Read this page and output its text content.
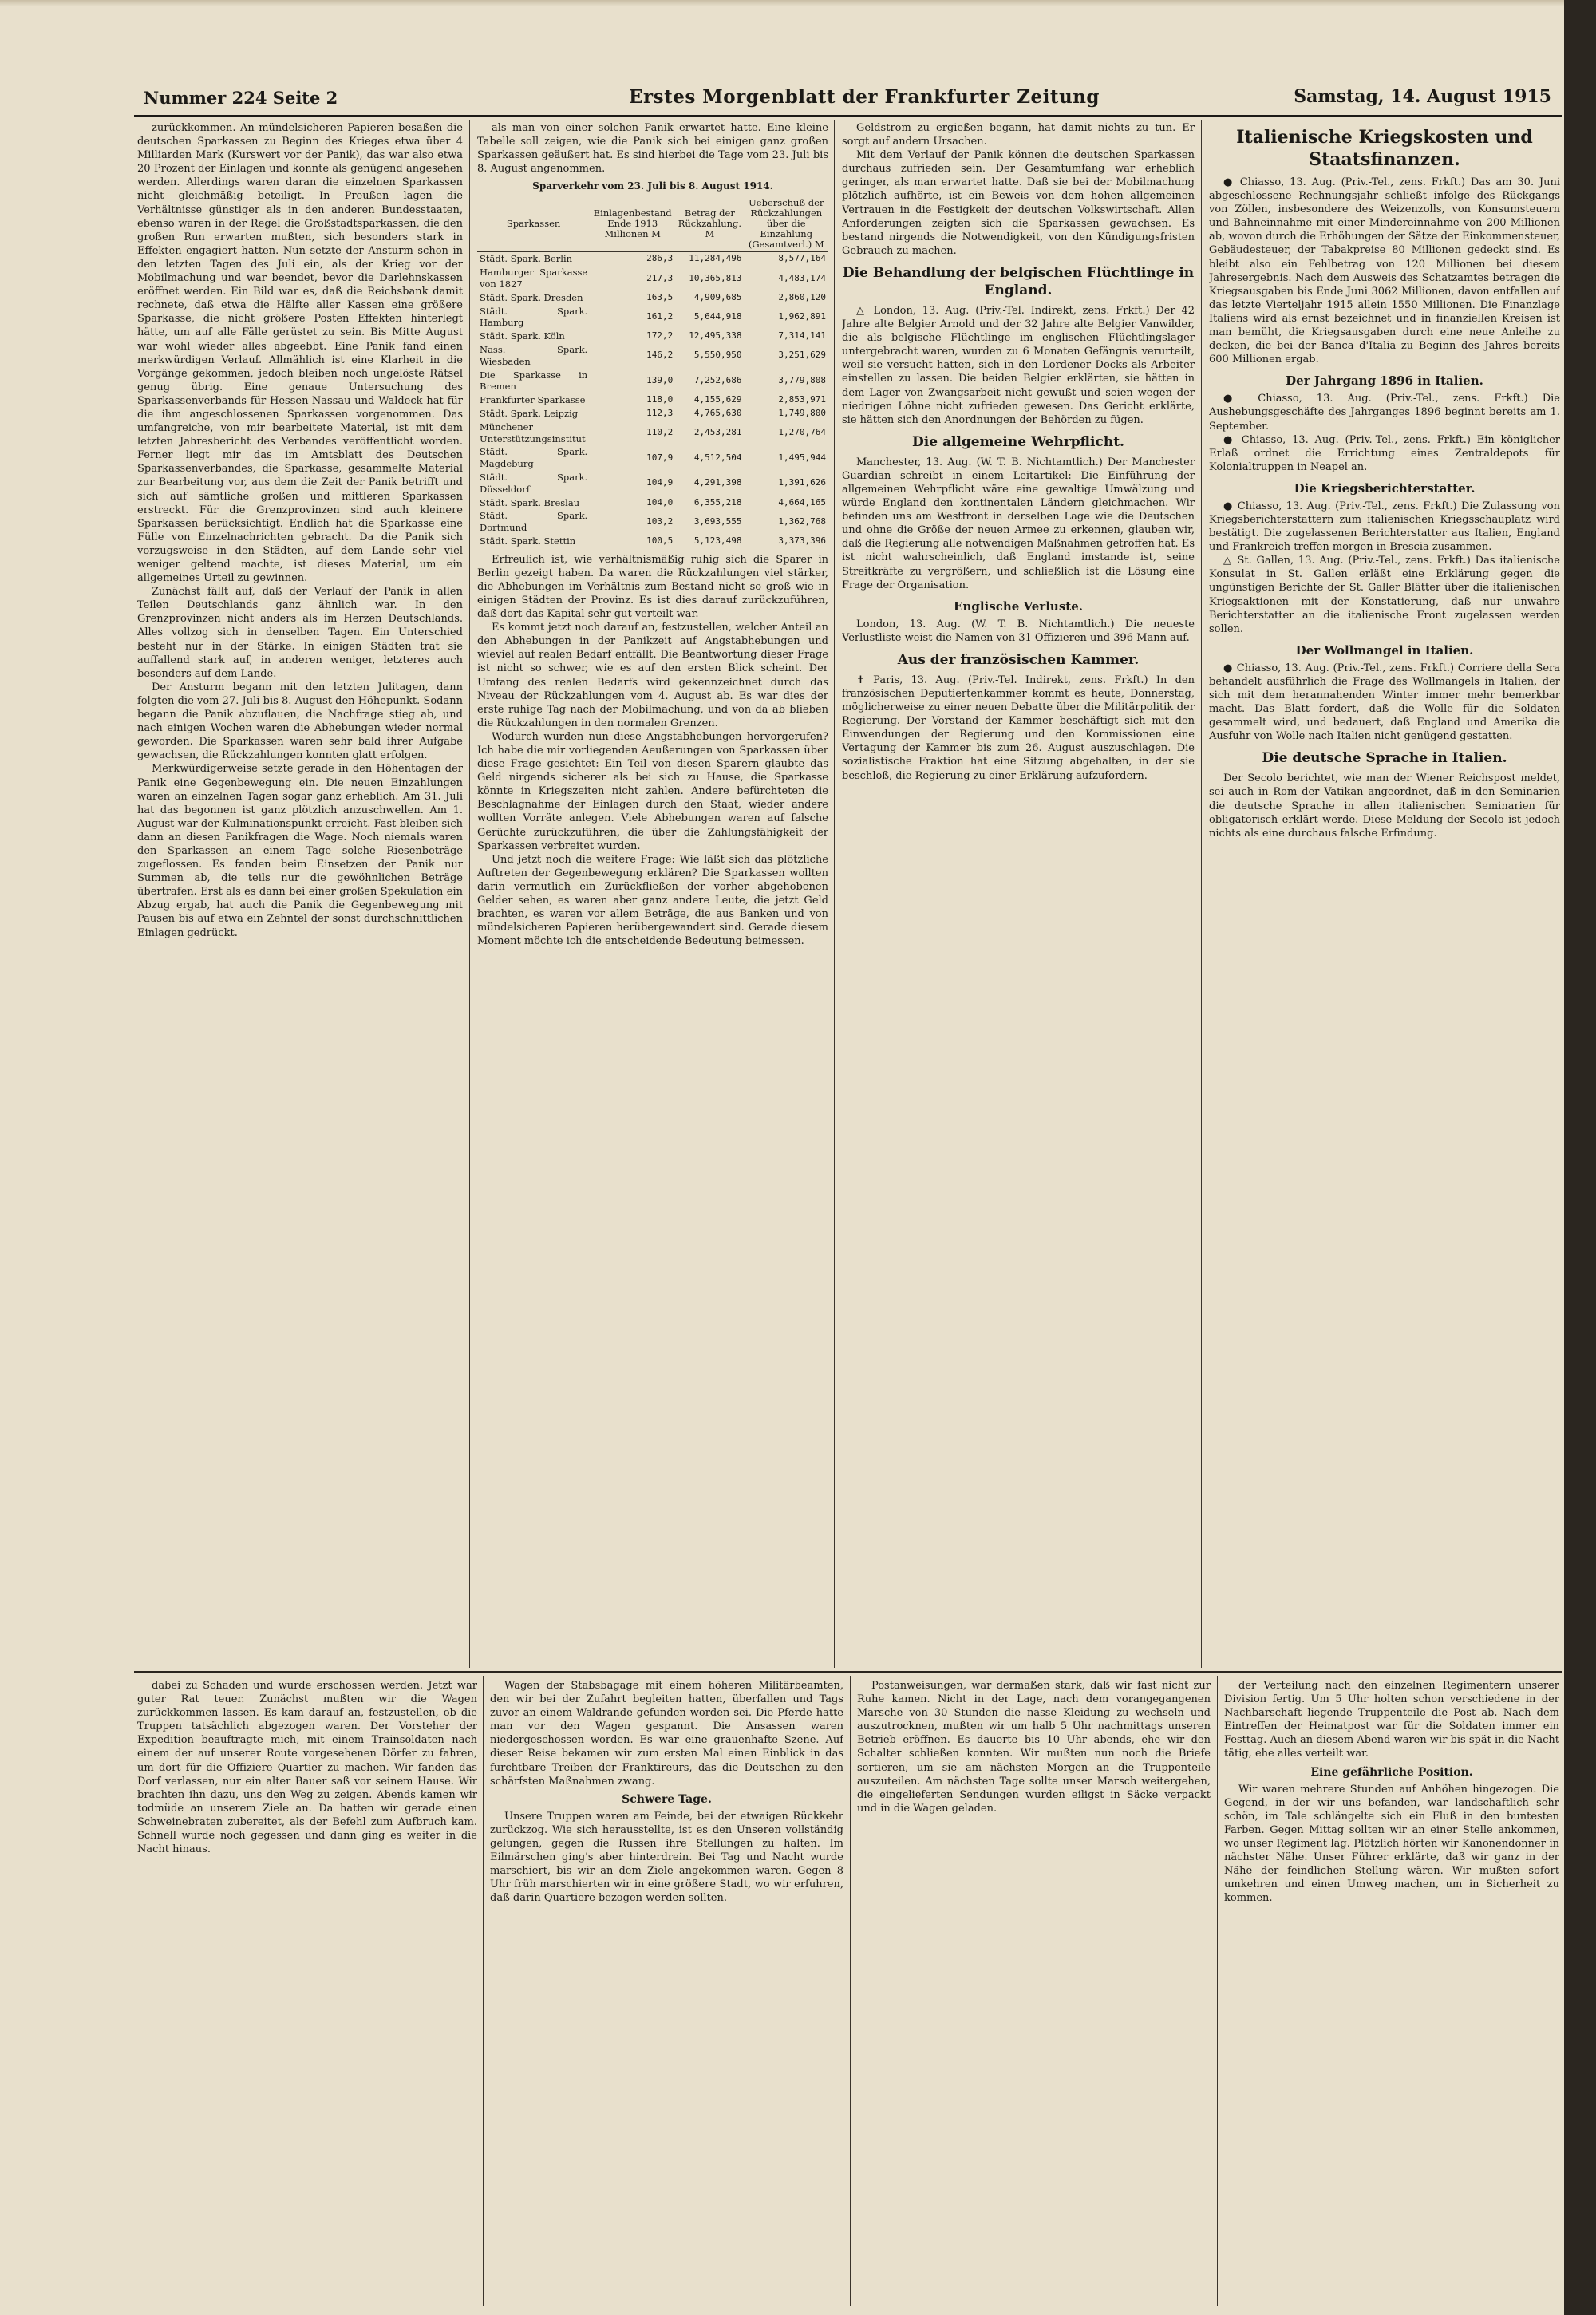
Nummer 224 Seite 2	Erstes Morgenblatt der Frankfurter Zeitung	Samstag, 14. August 1915

zurückkommen. An mündelsicheren Papieren besaßen die deutschen Sparkassen zu Beginn des Krieges etwa über 4 Milliarden Mark (Kurswert vor der Panik), das war also etwa 20 Prozent der Einlagen und konnte als genügend angesehen werden. Allerdings waren daran die einzelnen Sparkassen nicht gleichmäßig beteiligt. In Preußen lagen die Verhältnisse günstiger als in den anderen Bundesstaaten, ebenso waren in der Regel die Großstadtsparkassen, die den großen Run erwarten mußten, sich besonders stark in Effekten engagiert hatten. Nun setzte der Ansturm schon in den letzten Tagen des Juli ein, als der Krieg vor der Mobilmachung und war beendet, bevor die Darlehnskassen eröffnet werden. Ein Bild war es, daß die Reichsbank damit rechnete, daß etwa die Hälfte aller Kassen eine größere Sparkasse, die nicht größere Posten Effekten hinterlegt hätte, um auf alle Fälle gerüstet zu sein. Bis Mitte August war wohl wieder alles abgeebbt. Eine Panik fand einen merkwürdigen Verlauf. Allmählich ist eine Klarheit in die Vorgänge gekommen, jedoch bleiben noch ungelöste Rätsel genug übrig. Eine genaue Untersuchung des Sparkassenverbands für Hessen-Nassau und Waldeck hat für die ihm angeschlossenen Sparkassen vorgenommen. Das umfangreiche, von mir bearbeitete Material, ist mit dem letzten Jahresbericht des Verbandes veröffentlicht worden. Ferner liegt mir das im Amtsblatt des Deutschen Sparkassenverbandes, die Sparkasse, gesammelte Material zur Bearbeitung vor, aus dem die Zeit der Panik betrifft und sich auf sämtliche großen und mittleren Sparkassen erstreckt. Für die Grenzprovinzen sind auch kleinere Sparkassen berücksichtigt. Endlich hat die Sparkasse eine Fülle von Einzelnachrichten gebracht. Da die Panik sich vorzugsweise in den Städten, auf dem Lande sehr viel weniger geltend machte, ist dieses Material, um ein allgemeines Urteil zu gewinnen.

Zunächst fällt auf, daß der Verlauf der Panik in allen Teilen Deutschlands ganz ähnlich war. In den Grenzprovinzen nicht anders als im Herzen Deutschlands. Alles vollzog sich in denselben Tagen. Ein Unterschied besteht nur in der Stärke. In einigen Städten trat sie auffallend stark auf, in anderen weniger, letzteres auch besonders auf dem Lande.

Der Ansturm begann mit den letzten Julitagen, dann folgten die vom 27. Juli bis 8. August den Höhepunkt. Sodann begann die Panik abzuflauen, die Nachfrage stieg ab, und nach einigen Wochen waren die Abhebungen wieder normal geworden. Die Sparkassen waren sehr bald ihrer Aufgabe gewachsen, die Rückzahlungen konnten glatt erfolgen.

Merkwürdigerweise setzte gerade in den Höhentagen der Panik eine Gegenbewegung ein. Die neuen Einzahlungen waren an einzelnen Tagen sogar ganz erheblich. Am 31. Juli hat das begonnen ist ganz plötzlich anzuschwellen. Am 1. August war der Kulminationspunkt erreicht. Fast bleiben sich dann an diesen Panikfragen die Wage. Noch niemals waren den Sparkassen an einem Tage solche Riesenbeträge zugeflossen. Es fanden beim Einsetzen der Panik nur Summen ab, die teils nur die gewöhnlichen Beträge übertrafen. Erst als es dann bei einer großen Spekulation ein Abzug ergab, hat auch die Panik die Gegenbewegung mit Pausen bis auf etwa ein Zehntel der sonst durchschnittlichen Einlagen gedrückt.

als man von einer solchen Panik erwartet hatte. Eine kleine Tabelle soll zeigen, wie die Panik sich bei einigen ganz großen Sparkassen geäußert hat. Es sind hierbei die Tage vom 23. Juli bis 8. August angenommen.

Sparverkehr vom 23. Juli bis 8. August 1914.
Sparkassen	Einlagenbestand Ende 1913 Millionen M	Betrag der Rückzahlung. M	Ueberschuß der Rückzahlungen über die Einzahlung (Gesamtverl.) M
Städt. Spark. Berlin	286,3	11,284,496	8,577,164
Hamburger Sparkasse von 1827	217,3	10,365,813	4,483,174
Städt. Spark. Dresden	163,5	4,909,685	2,860,120
Städt. Spark. Hamburg	161,2	5,644,918	1,962,891
Städt. Spark. Köln	172,2	12,495,338	7,314,141
Nass. Spark. Wiesbaden	146,2	5,550,950	3,251,629
Die Sparkasse in Bremen	139,0	7,252,686	3,779,808
Frankfurter Sparkasse	118,0	4,155,629	2,853,971
Städt. Spark. Leipzig	112,3	4,765,630	1,749,800
Münchener Unterstützungsinstitut	110,2	2,453,281	1,270,764
Städt. Spark. Magdeburg	107,9	4,512,504	1,495,944
Städt. Spark. Düsseldorf	104,9	4,291,398	1,391,626
Städt. Spark. Breslau	104,0	6,355,218	4,664,165
Städt. Spark. Dortmund	103,2	3,693,555	1,362,768
Städt. Spark. Stettin	100,5	5,123,498	3,373,396

Erfreulich ist, wie verhältnismäßig ruhig sich die Sparer in Berlin gezeigt haben. Da waren die Rückzahlungen viel stärker, die Abhebungen im Verhältnis zum Bestand nicht so groß wie in einigen Städten der Provinz. Es ist dies darauf zurückzuführen, daß dort das Kapital sehr gut verteilt war.

Es kommt jetzt noch darauf an, festzustellen, welcher Anteil an den Abhebungen in der Panikzeit auf Angstabhebungen und wieviel auf realen Bedarf entfällt. Die Beantwortung dieser Frage ist nicht so schwer, wie es auf den ersten Blick scheint. Der Umfang des realen Bedarfs wird gekennzeichnet durch das Niveau der Rückzahlungen vom 4. August ab. Es war dies der erste ruhige Tag nach der Mobilmachung, und von da ab blieben die Rückzahlungen in den normalen Grenzen.

Wodurch wurden nun diese Angstabhebungen hervorgerufen? Ich habe die mir vorliegenden Aeußerungen von Sparkassen über diese Frage gesichtet: Ein Teil von diesen Sparern glaubte das Geld nirgends sicherer als bei sich zu Hause, die Sparkasse könnte in Kriegszeiten nicht zahlen. Andere befürchteten die Beschlagnahme der Einlagen durch den Staat, wieder andere wollten Vorräte anlegen. Viele Abhebungen waren auf falsche Gerüchte zurückzuführen, die über die Zahlungsfähigkeit der Sparkassen verbreitet wurden.

Und jetzt noch die weitere Frage: Wie läßt sich das plötzliche Auftreten der Gegenbewegung erklären? Die Sparkassen wollten darin vermutlich ein Zurückfließen der vorher abgehobenen Gelder sehen, es waren aber ganz andere Leute, die jetzt Geld brachten, es waren vor allem Beträge, die aus Banken und von mündelsicheren Papieren herübergewandert sind. Gerade diesem Moment möchte ich die entscheidende Bedeutung beimessen.

Geldstrom zu ergießen begann, hat damit nichts zu tun. Er sorgt auf andern Ursachen.

Mit dem Verlauf der Panik können die deutschen Sparkassen durchaus zufrieden sein. Der Gesamtumfang war erheblich geringer, als man erwartet hatte. Daß sie bei der Mobilmachung plötzlich aufhörte, ist ein Beweis von dem hohen allgemeinen Vertrauen in die Festigkeit der deutschen Volkswirtschaft. Allen Anforderungen zeigten sich die Sparkassen gewachsen. Es bestand nirgends die Notwendigkeit, von den Kündigungsfristen Gebrauch zu machen.

Die Behandlung der belgischen Flüchtlinge in England.

△ London, 13. Aug. (Priv.-Tel. Indirekt, zens. Frkft.) Der 42 Jahre alte Belgier Arnold und der 32 Jahre alte Belgier Vanwilder, die als belgische Flüchtlinge im englischen Flüchtlingslager untergebracht waren, wurden zu 6 Monaten Gefängnis verurteilt, weil sie versucht hatten, sich in den Lordener Docks als Arbeiter einstellen zu lassen. Die beiden Belgier erklärten, sie hätten in dem Lager von Zwangsarbeit nicht gewußt und seien wegen der niedrigen Löhne nicht zufrieden gewesen. Das Gericht erklärte, sie hätten sich den Anordnungen der Behörden zu fügen.

Die allgemeine Wehrpflicht.

Manchester, 13. Aug. (W. T. B. Nichtamtlich.) Der Manchester Guardian schreibt in einem Leitartikel: Die Einführung der allgemeinen Wehrpflicht wäre eine gewaltige Umwälzung und würde England den kontinentalen Ländern gleichmachen. Wir befinden uns am Westfront in derselben Lage wie die Deutschen und ohne die Größe der neuen Armee zu erkennen, glauben wir, daß die Regierung alle notwendigen Maßnahmen getroffen hat. Es ist nicht wahrscheinlich, daß England imstande ist, seine Streitkräfte zu vergrößern, und schließlich ist die Lösung eine Frage der Organisation.

Englische Verluste.

London, 13. Aug. (W. T. B. Nichtamtlich.) Die neueste Verlustliste weist die Namen von 31 Offizieren und 396 Mann auf.

Aus der französischen Kammer.

✝ Paris, 13. Aug. (Priv.-Tel. Indirekt, zens. Frkft.) In den französischen Deputiertenkammer kommt es heute, Donnerstag, möglicherweise zu einer neuen Debatte über die Militärpolitik der Regierung. Der Vorstand der Kammer beschäftigt sich mit den Einwendungen der Regierung und den Kommissionen eine Vertagung der Kammer bis zum 26. August auszuschlagen. Die sozialistische Fraktion hat eine Sitzung abgehalten, in der sie beschloß, die Regierung zu einer Erklärung aufzufordern.

Italienische Kriegskosten und Staatsfinanzen.

● Chiasso, 13. Aug. (Priv.-Tel., zens. Frkft.) Das am 30. Juni abgeschlossene Rechnungsjahr schließt infolge des Rückgangs von Zöllen, insbesondere des Weizenzolls, von Konsumsteuern und Bahneinnahme mit einer Mindereinnahme von 200 Millionen ab, wovon durch die Erhöhungen der Sätze der Einkommensteuer, Gebäudesteuer, der Tabakpreise 80 Millionen gedeckt sind. Es bleibt also ein Fehlbetrag von 120 Millionen bei diesem Jahresergebnis. Nach dem Ausweis des Schatzamtes betragen die Kriegsausgaben bis Ende Juni 3062 Millionen, davon entfallen auf das letzte Vierteljahr 1915 allein 1550 Millionen. Die Finanzlage Italiens wird als ernst bezeichnet und in finanziellen Kreisen ist man bemüht, die Kriegsausgaben durch eine neue Anleihe zu decken, die bei der Banca d'Italia zu Beginn des Jahres bereits 600 Millionen ergab.

Der Jahrgang 1896 in Italien.

● Chiasso, 13. Aug. (Priv.-Tel., zens. Frkft.) Die Aushebungsgeschäfte des Jahrganges 1896 beginnt bereits am 1. September.

● Chiasso, 13. Aug. (Priv.-Tel., zens. Frkft.) Ein königlicher Erlaß ordnet die Errichtung eines Zentraldepots für Kolonialtruppen in Neapel an.

Die Kriegsberichterstatter.

● Chiasso, 13. Aug. (Priv.-Tel., zens. Frkft.) Die Zulassung von Kriegsberichterstattern zum italienischen Kriegsschauplatz wird bestätigt. Die zugelassenen Berichterstatter aus Italien, England und Frankreich treffen morgen in Brescia zusammen.

△ St. Gallen, 13. Aug. (Priv.-Tel., zens. Frkft.) Das italienische Konsulat in St. Gallen erläßt eine Erklärung gegen die ungünstigen Berichte der St. Galler Blätter über die italienischen Kriegsaktionen mit der Konstatierung, daß nur unwahre Berichterstatter an die italienische Front zugelassen werden sollen.

Der Wollmangel in Italien.

● Chiasso, 13. Aug. (Priv.-Tel., zens. Frkft.) Corriere della Sera behandelt ausführlich die Frage des Wollmangels in Italien, der sich mit dem herannahenden Winter immer mehr bemerkbar macht. Das Blatt fordert, daß die Wolle für die Soldaten gesammelt wird, und bedauert, daß England und Amerika die Ausfuhr von Wolle nach Italien nicht genügend gestatten.

Die deutsche Sprache in Italien.

Der Secolo berichtet, wie man der Wiener Reichspost meldet, sei auch in Rom der Vatikan angeordnet, daß in den Seminarien die deutsche Sprache in allen italienischen Seminarien für obligatorisch erklärt werde. Diese Meldung der Secolo ist jedoch nichts als eine durchaus falsche Erfindung.

dabei zu Schaden und wurde erschossen werden. Jetzt war guter Rat teuer. Zunächst mußten wir die Wagen zurückkommen lassen. Es kam darauf an, festzustellen, ob die Truppen tatsächlich abgezogen waren. Der Vorsteher der Expedition beauftragte mich, mit einem Trainsoldaten nach einem der auf unserer Route vorgesehenen Dörfer zu fahren, um dort für die Offiziere Quartier zu machen. Wir fanden das Dorf verlassen, nur ein alter Bauer saß vor seinem Hause. Wir brachten ihn dazu, uns den Weg zu zeigen. Abends kamen wir todmüde an unserem Ziele an. Da hatten wir gerade einen Schweinebraten zubereitet, als der Befehl zum Aufbruch kam. Schnell wurde noch gegessen und dann ging es weiter in die Nacht hinaus.

Wagen der Stabsbagage mit einem höheren Militärbeamten, den wir bei der Zufahrt begleiten hatten, überfallen und Tags zuvor an einem Waldrande gefunden worden sei. Die Pferde hatte man vor den Wagen gespannt. Die Ansassen waren niedergeschossen worden. Es war eine grauenhafte Szene. Auf dieser Reise bekamen wir zum ersten Mal einen Einblick in das furchtbare Treiben der Franktireurs, das die Deutschen zu den schärfsten Maßnahmen zwang.

Schwere Tage.

Unsere Truppen waren am Feinde, bei der etwaigen Rückkehr zurückzog. Wie sich herausstellte, ist es den Unseren vollständig gelungen, gegen die Russen ihre Stellungen zu halten. Im Eilmärschen ging's aber hinterdrein. Bei Tag und Nacht wurde marschiert, bis wir an dem Ziele angekommen waren. Gegen 8 Uhr früh marschierten wir in eine größere Stadt, wo wir erfuhren, daß darin Quartiere bezogen werden sollten.

Postanweisungen, war dermaßen stark, daß wir fast nicht zur Ruhe kamen. Nicht in der Lage, nach dem vorangegangenen Marsche von 30 Stunden die nasse Kleidung zu wechseln und auszutrocknen, mußten wir um halb 5 Uhr nachmittags unseren Betrieb eröffnen. Es dauerte bis 10 Uhr abends, ehe wir den Schalter schließen konnten. Wir mußten nun noch die Briefe sortieren, um sie am nächsten Morgen an die Truppenteile auszuteilen. Am nächsten Tage sollte unser Marsch weitergehen, die eingelieferten Sendungen wurden eiligst in Säcke verpackt und in die Wagen geladen.

der Verteilung nach den einzelnen Regimentern unserer Division fertig. Um 5 Uhr holten schon verschiedene in der Nachbarschaft liegende Truppenteile die Post ab. Nach dem Eintreffen der Heimatpost war für die Soldaten immer ein Festtag. Auch an diesem Abend waren wir bis spät in die Nacht tätig, ehe alles verteilt war.

Eine gefährliche Position.

Wir waren mehrere Stunden auf Anhöhen hingezogen. Die Gegend, in der wir uns befanden, war landschaftlich sehr schön, im Tale schlängelte sich ein Fluß in den buntesten Farben. Gegen Mittag sollten wir an einer Stelle ankommen, wo unser Regiment lag. Plötzlich hörten wir Kanonendonner in nächster Nähe. Unser Führer erklärte, daß wir ganz in der Nähe der feindlichen Stellung wären. Wir mußten sofort umkehren und einen Umweg machen, um in Sicherheit zu kommen.
